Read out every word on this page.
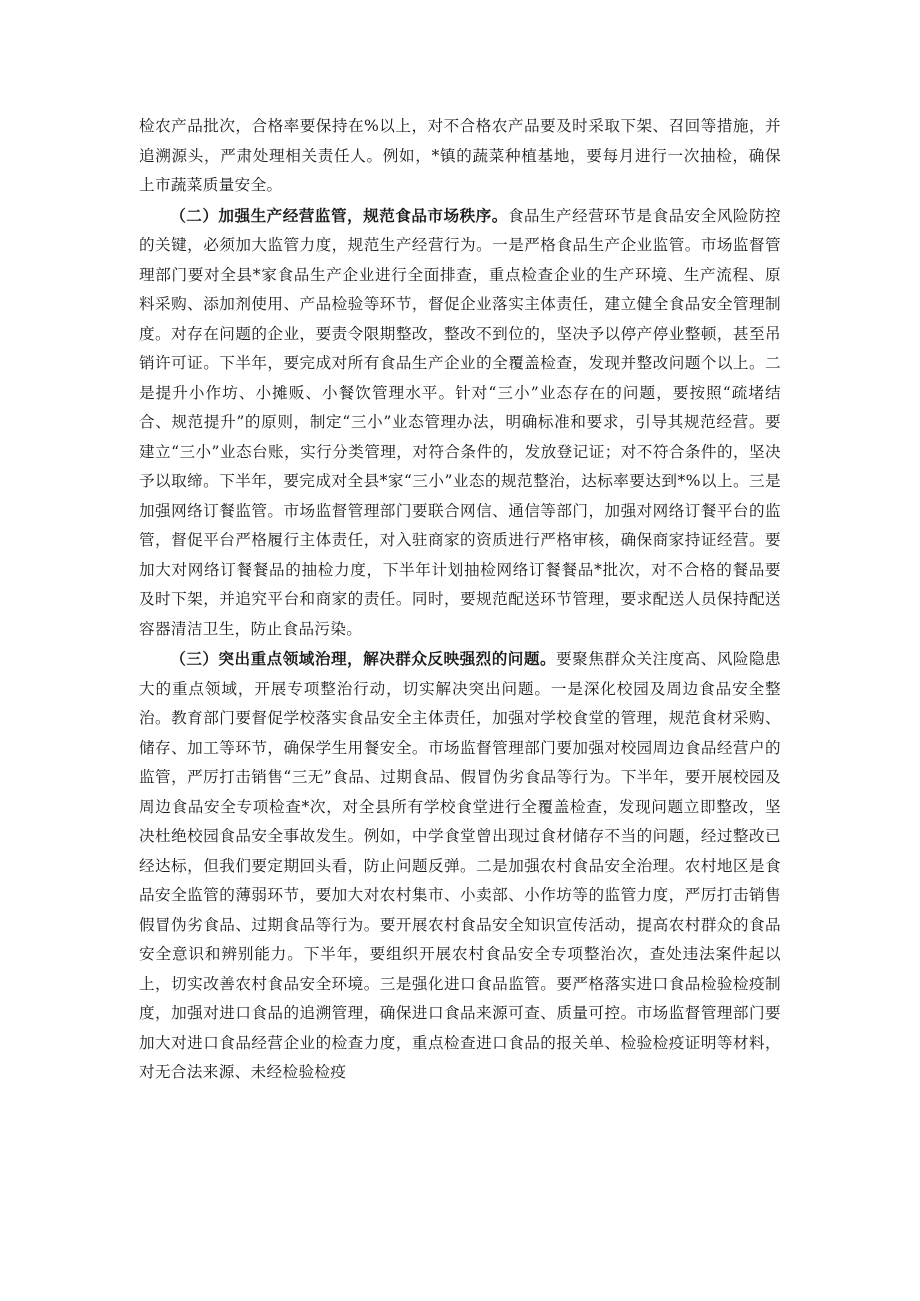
检农产品批次，合格率要保持在%以上，对不合格农产品要及时采取下架、召回等措施，并追溯源头，严肃处理相关责任人。例如，*镇的蔬菜种植基地，要每月进行一次抽检，确保上市蔬菜质量安全。

（二）加强生产经营监管，规范食品市场秩序。食品生产经营环节是食品安全风险防控的关键，必须加大监管力度，规范生产经营行为。一是严格食品生产企业监管。市场监督管理部门要对全县*家食品生产企业进行全面排查，重点检查企业的生产环境、生产流程、原料采购、添加剂使用、产品检验等环节，督促企业落实主体责任，建立健全食品安全管理制度。对存在问题的企业，要责令限期整改，整改不到位的，坚决予以停产停业整顿，甚至吊销许可证。下半年，要完成对所有食品生产企业的全覆盖检查，发现并整改问题个以上。二是提升小作坊、小摊贩、小餐饮管理水平。针对“三小”业态存在的问题，要按照“疏堵结合、规范提升”的原则，制定“三小”业态管理办法，明确标准和要求，引导其规范经营。要建立“三小”业态台账，实行分类管理，对符合条件的，发放登记证；对不符合条件的，坚决予以取缔。下半年，要完成对全县*家“三小”业态的规范整治，达标率要达到*%以上。三是加强网络订餐监管。市场监督管理部门要联合网信、通信等部门，加强对网络订餐平台的监管，督促平台严格履行主体责任，对入驻商家的资质进行严格审核，确保商家持证经营。要加大对网络订餐餐品的抽检力度，下半年计划抽检网络订餐餐品*批次，对不合格的餐品要及时下架，并追究平台和商家的责任。同时，要规范配送环节管理，要求配送人员保持配送容器清洁卫生，防止食品污染。

（三）突出重点领域治理，解决群众反映强烈的问题。要聚焦群众关注度高、风险隐患大的重点领域，开展专项整治行动，切实解决突出问题。一是深化校园及周边食品安全整治。教育部门要督促学校落实食品安全主体责任，加强对学校食堂的管理，规范食材采购、储存、加工等环节，确保学生用餐安全。市场监督管理部门要加强对校园周边食品经营户的监管，严厉打击销售“三无”食品、过期食品、假冒伪劣食品等行为。下半年，要开展校园及周边食品安全专项检查*次，对全县所有学校食堂进行全覆盖检查，发现问题立即整改，坚决杜绝校园食品安全事故发生。例如，中学食堂曾出现过食材储存不当的问题，经过整改已经达标，但我们要定期回头看，防止问题反弹。二是加强农村食品安全治理。农村地区是食品安全监管的薄弱环节，要加大对农村集市、小卖部、小作坊等的监管力度，严厉打击销售假冒伪劣食品、过期食品等行为。要开展农村食品安全知识宣传活动，提高农村群众的食品安全意识和辨别能力。下半年，要组织开展农村食品安全专项整治次，查处违法案件起以上，切实改善农村食品安全环境。三是强化进口食品监管。要严格落实进口食品检验检疫制度，加强对进口食品的追溯管理，确保进口食品来源可查、质量可控。市场监督管理部门要加大对进口食品经营企业的检查力度，重点检查进口食品的报关单、检验检疫证明等材料，对无合法来源、未经检验检疫
